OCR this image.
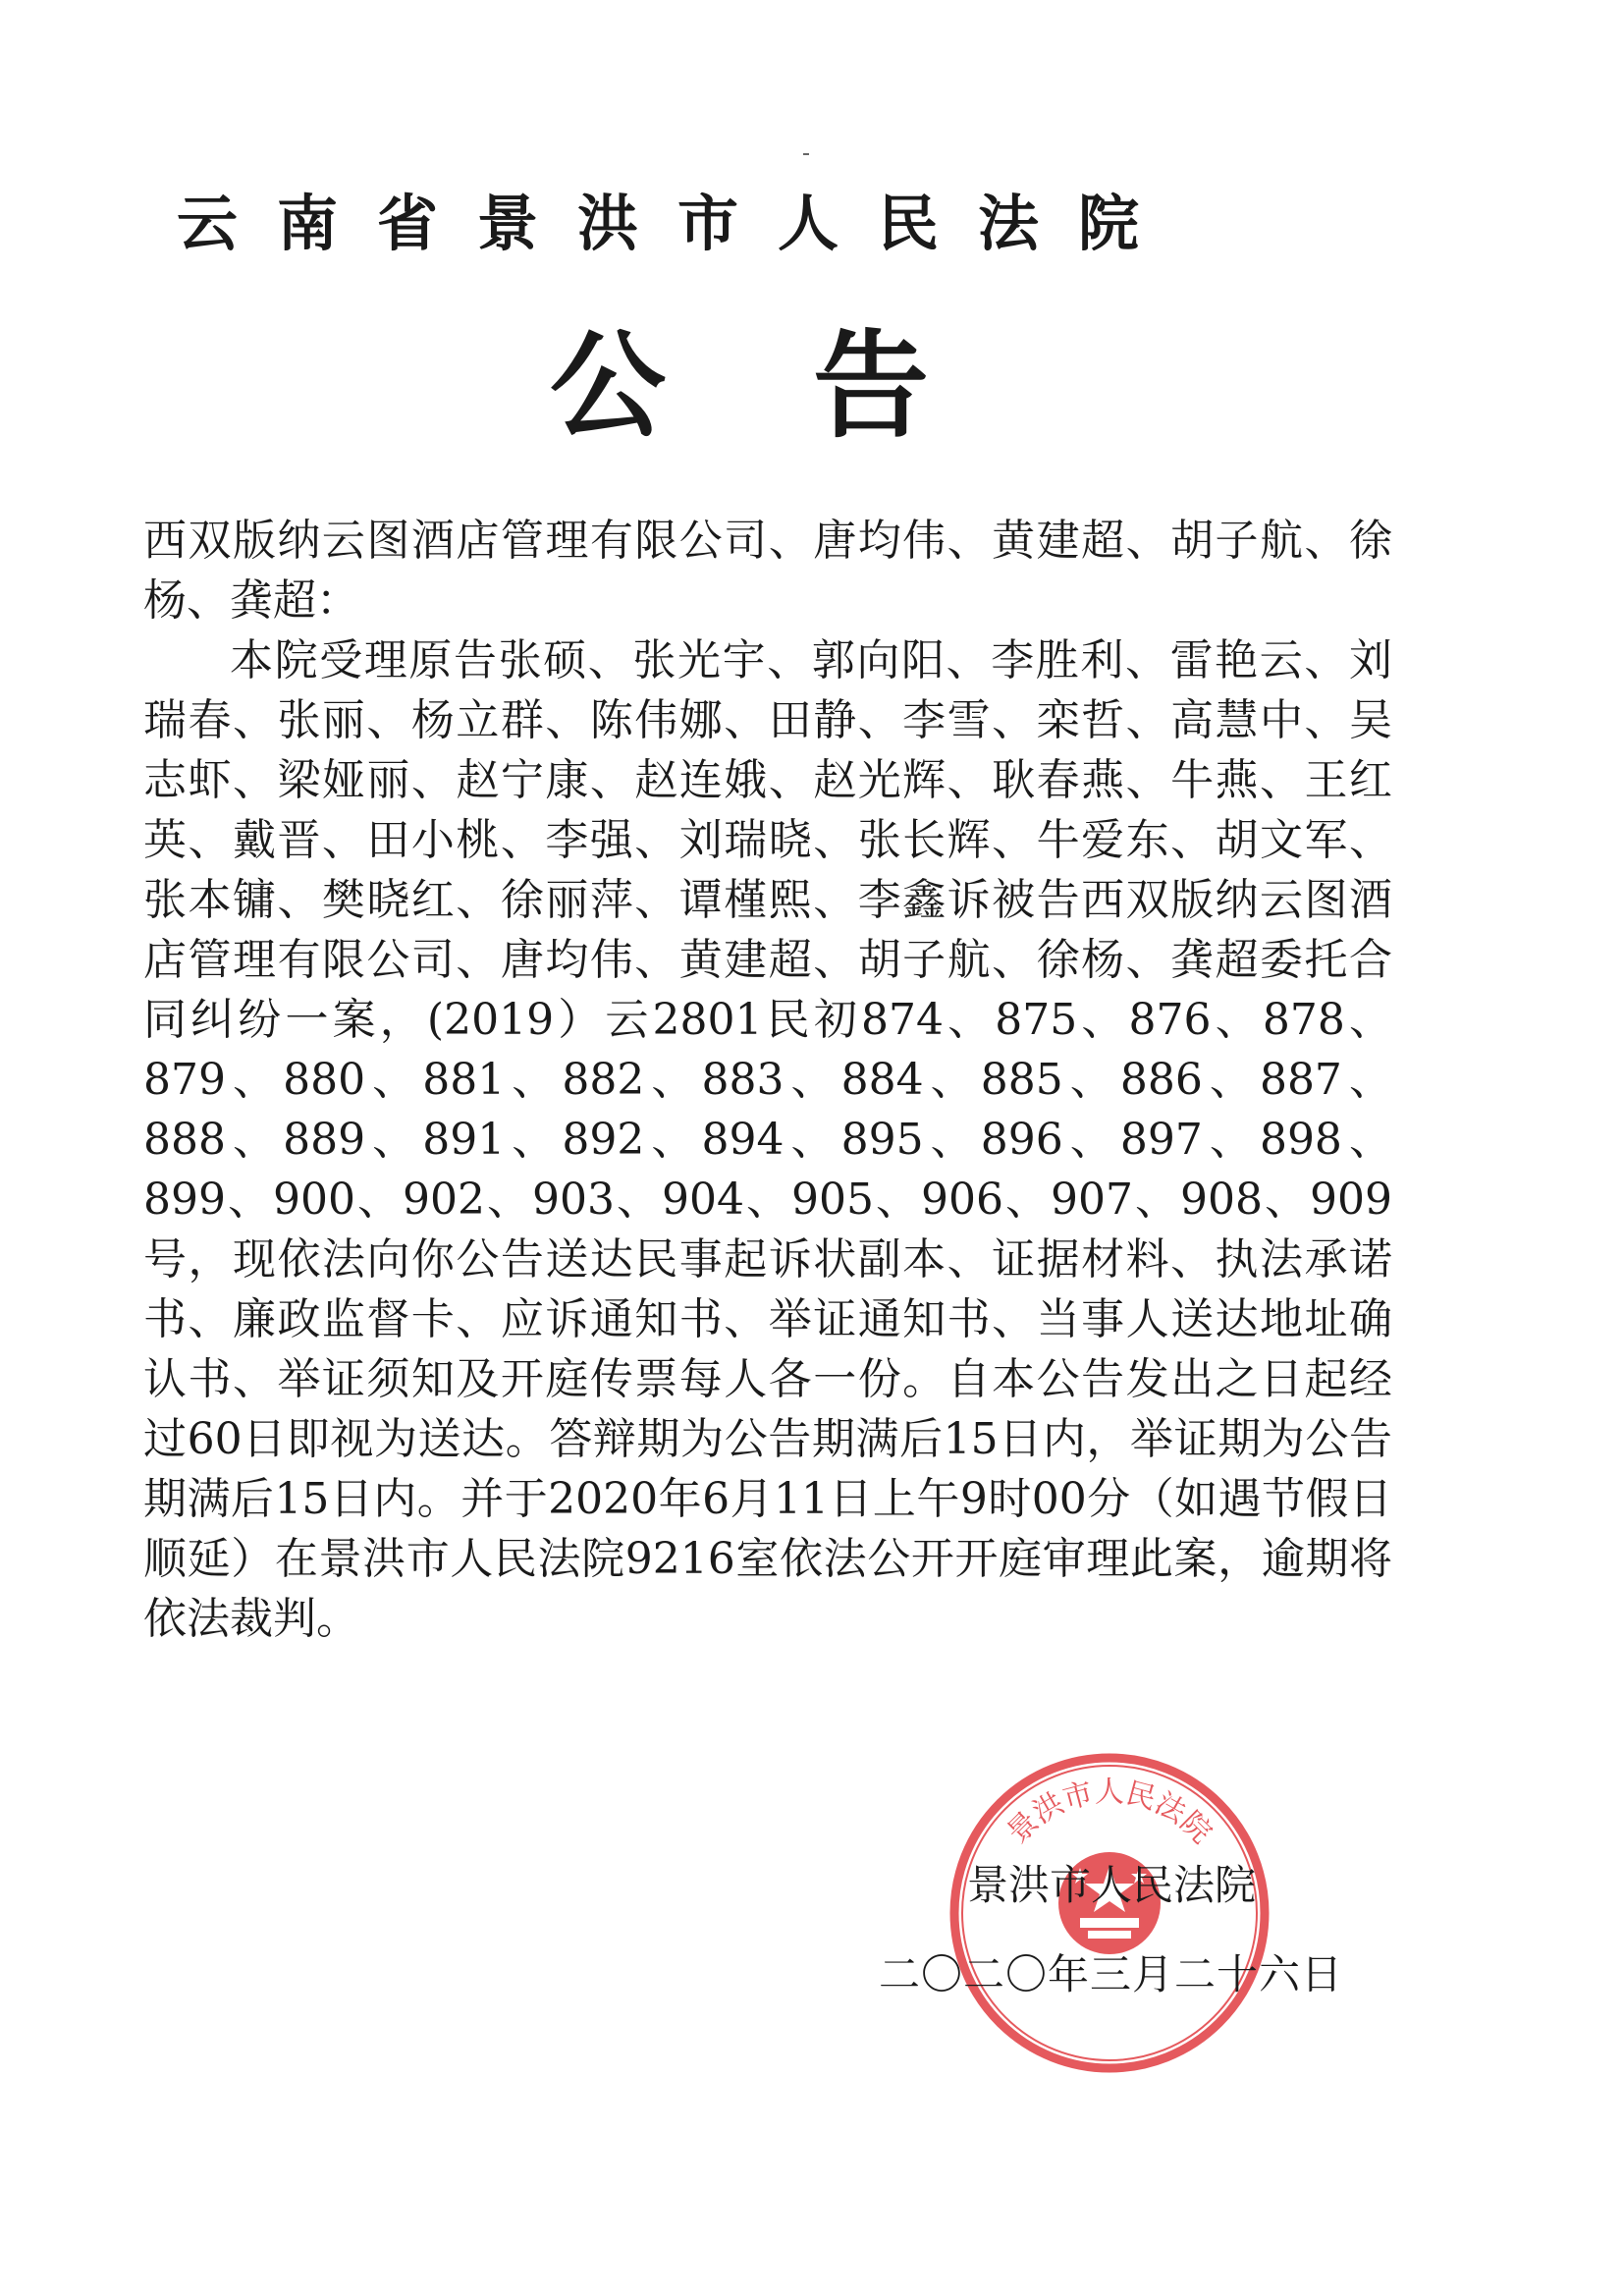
云南省景洪市人民法院
公告

西双版纳云图酒店管理有限公司、唐均伟、黄建超、胡子航、徐杨、龚超：

本院受理原告张硕、张光宇、郭向阳、李胜利、雷艳云、刘瑞春、张丽、杨立群、陈伟娜、田静、李雪、栾哲、高慧中、吴志虾、梁娅丽、赵宁康、赵连娥、赵光辉、耿春燕、牛燕、王红英、戴晋、田小桃、李强、刘瑞晓、张长辉、牛爱东、胡文军、张本镛、樊晓红、徐丽萍、谭槿熙、李鑫诉被告西双版纳云图酒店管理有限公司、唐均伟、黄建超、胡子航、徐杨、龚超委托合同纠纷一案，(2019）云2801民初874、875、876、878、879、880、881、882、883、884、885、886、887、888、889、891、892、894、895、896、897、898、899、900、902、903、904、905、906、907、908、909号，现依法向你公告送达民事起诉状副本、证据材料、执法承诺书、廉政监督卡、应诉通知书、举证通知书、当事人送达地址确认书、举证须知及开庭传票每人各一份。自本公告发出之日起经过60日即视为送达。答辩期为公告期满后15日内，举证期为公告期满后15日内。并于2020年6月11日上午9时00分（如遇节假日顺延）在景洪市人民法院9216室依法公开开庭审理此案，逾期将依法裁判。

景洪市人民法院
景洪市人民法院
二〇二〇年三月二十六日
